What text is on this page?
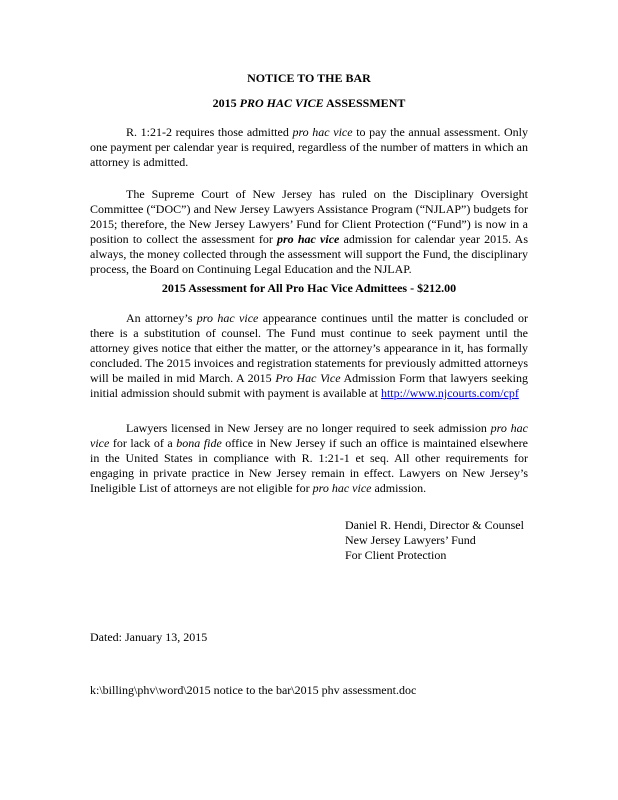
NOTICE TO THE BAR
2015 PRO HAC VICE ASSESSMENT
R. 1:21-2 requires those admitted pro hac vice to pay the annual assessment. Only one payment per calendar year is required, regardless of the number of matters in which an attorney is admitted.
The Supreme Court of New Jersey has ruled on the Disciplinary Oversight Committee (“DOC”) and New Jersey Lawyers Assistance Program (“NJLAP”) budgets for 2015; therefore, the New Jersey Lawyers’ Fund for Client Protection (“Fund”) is now in a position to collect the assessment for pro hac vice admission for calendar year 2015. As always, the money collected through the assessment will support the Fund, the disciplinary process, the Board on Continuing Legal Education and the NJLAP.
2015 Assessment for All Pro Hac Vice Admittees - $212.00
An attorney’s pro hac vice appearance continues until the matter is concluded or there is a substitution of counsel. The Fund must continue to seek payment until the attorney gives notice that either the matter, or the attorney’s appearance in it, has formally concluded. The 2015 invoices and registration statements for previously admitted attorneys will be mailed in mid March. A 2015 Pro Hac Vice Admission Form that lawyers seeking initial admission should submit with payment is available at http://www.njcourts.com/cpf
Lawyers licensed in New Jersey are no longer required to seek admission pro hac vice for lack of a bona fide office in New Jersey if such an office is maintained elsewhere in the United States in compliance with R. 1:21-1 et seq. All other requirements for engaging in private practice in New Jersey remain in effect. Lawyers on New Jersey’s Ineligible List of attorneys are not eligible for pro hac vice admission.
Daniel R. Hendi, Director & Counsel
New Jersey Lawyers’ Fund
For Client Protection
Dated: January 13, 2015
k:\billing\phv\word\2015 notice to the bar\2015 phv assessment.doc
